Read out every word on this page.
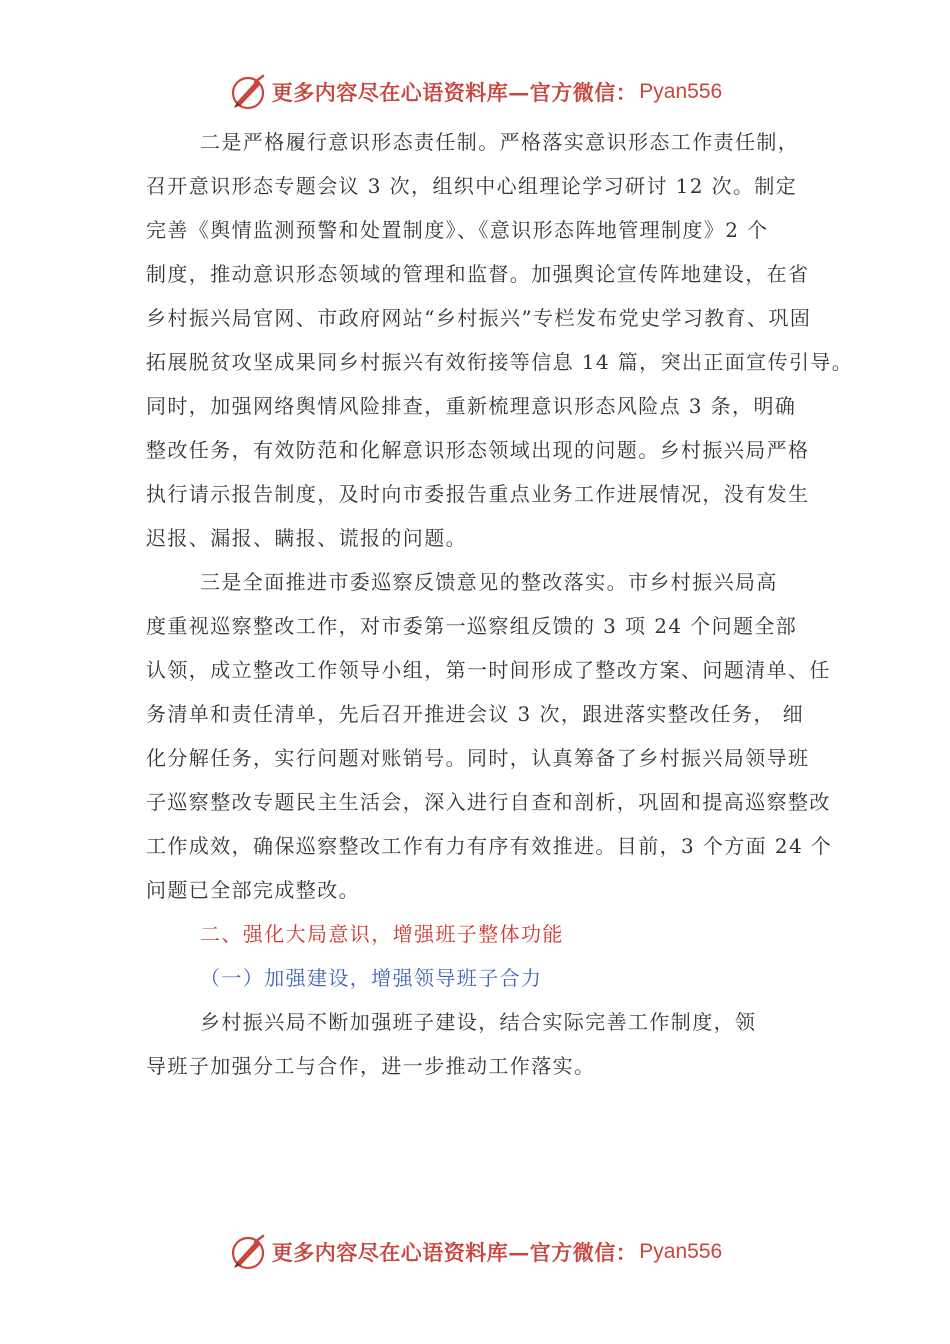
更多内容尽在心语资料库—官方微信： Pyan556
二是严格履行意识形态责任制。严格落实意识形态工作责任制，
召开意识形态专题会议 3 次，组织中心组理论学习研讨 12 次。制定
完善《舆情监测预警和处置制度》、《意识形态阵地管理制度》2 个
制度，推动意识形态领域的管理和监督。加强舆论宣传阵地建设，在省
乡村振兴局官网、市政府网站“乡村振兴”专栏发布党史学习教育、巩固
拓展脱贫攻坚成果同乡村振兴有效衔接等信息 14 篇，突出正面宣传引导。
同时，加强网络舆情风险排查，重新梳理意识形态风险点 3 条，明确
整改任务，有效防范和化解意识形态领域出现的问题。乡村振兴局严格
执行请示报告制度，及时向市委报告重点业务工作进展情况，没有发生
迟报、漏报、瞒报、谎报的问题。
三是全面推进市委巡察反馈意见的整改落实。市乡村振兴局高
度重视巡察整改工作，对市委第一巡察组反馈的 3 项 24 个问题全部
认领，成立整改工作领导小组，第一时间形成了整改方案、问题清单、任
务清单和责任清单，先后召开推进会议 3 次，跟进落实整改任务， 细
化分解任务，实行问题对账销号。同时，认真筹备了乡村振兴局领导班
子巡察整改专题民主生活会，深入进行自查和剖析，巩固和提高巡察整改
工作成效，确保巡察整改工作有力有序有效推进。目前，3 个方面 24 个
问题已全部完成整改。
二、强化大局意识，增强班子整体功能
（一）加强建设，增强领导班子合力
乡村振兴局不断加强班子建设，结合实际完善工作制度，领
导班子加强分工与合作，进一步推动工作落实。
更多内容尽在心语资料库—官方微信： Pyan556
